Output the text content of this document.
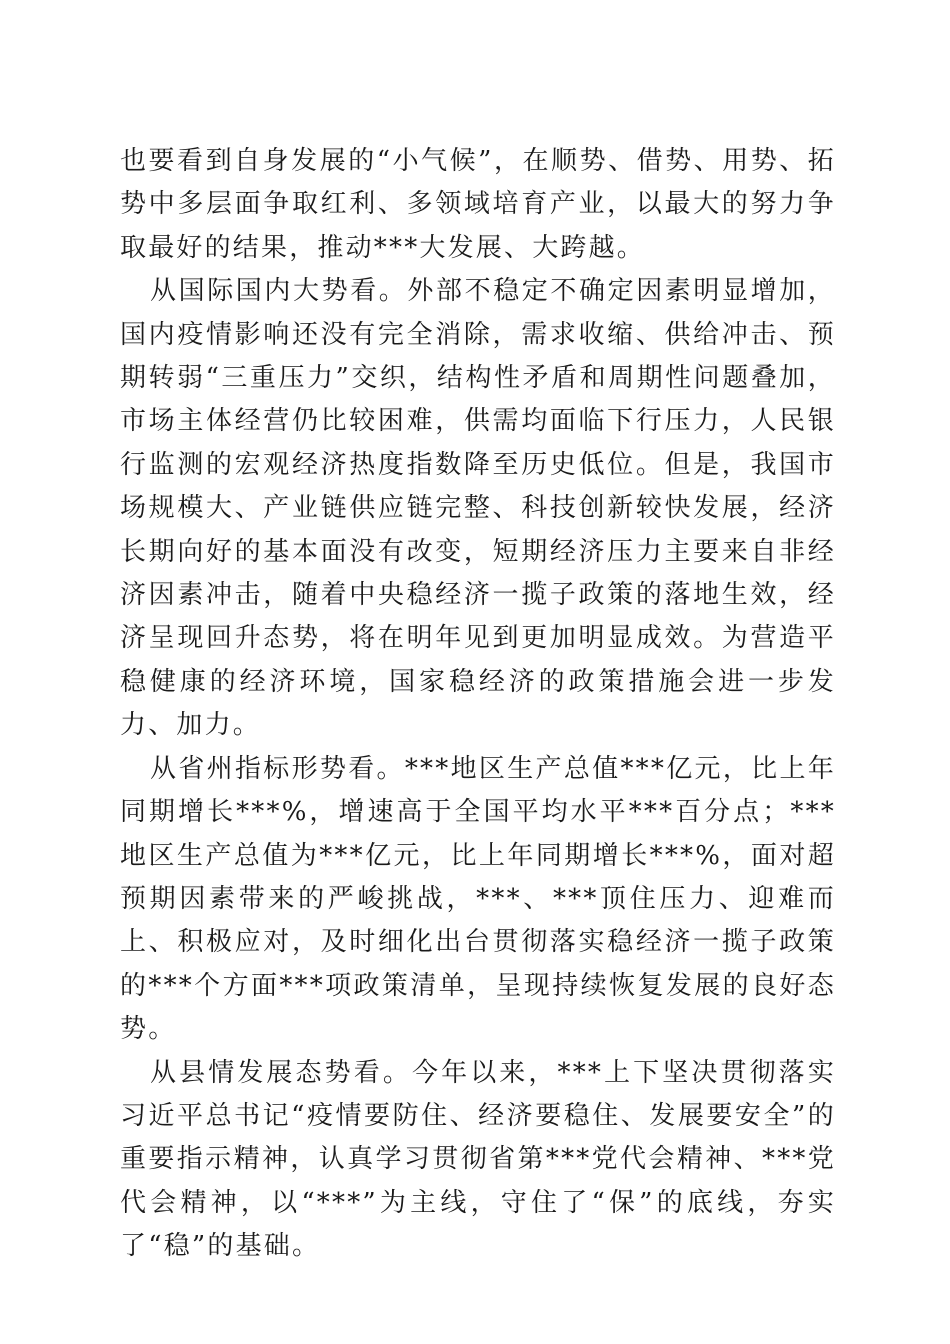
也要看到自身发展的“小气候”，在顺势、借势、用势、拓势中多层面争取红利、多领域培育产业，以最大的努力争取最好的结果，推动***大发展、大跨越。

从国际国内大势看。外部不稳定不确定因素明显增加，国内疫情影响还没有完全消除，需求收缩、供给冲击、预期转弱“三重压力”交织，结构性矛盾和周期性问题叠加，市场主体经营仍比较困难，供需均面临下行压力，人民银行监测的宏观经济热度指数降至历史低位。但是，我国市场规模大、产业链供应链完整、科技创新较快发展，经济长期向好的基本面没有改变，短期经济压力主要来自非经济因素冲击，随着中央稳经济一揽子政策的落地生效，经济呈现回升态势，将在明年见到更加明显成效。为营造平稳健康的经济环境，国家稳经济的政策措施会进一步发力、加力。

从省州指标形势看。***地区生产总值***亿元，比上年同期增长***%，增速高于全国平均水平***百分点；***地区生产总值为***亿元，比上年同期增长***%，面对超预期因素带来的严峻挑战，***、***顶住压力、迎难而上、积极应对，及时细化出台贯彻落实稳经济一揽子政策的***个方面***项政策清单，呈现持续恢复发展的良好态势。

从县情发展态势看。今年以来，***上下坚决贯彻落实习近平总书记“疫情要防住、经济要稳住、发展要安全”的重要指示精神，认真学习贯彻省第***党代会精神、***党代会精神，以“***”为主线，守住了“保”的底线，夯实了“稳”的基础。
